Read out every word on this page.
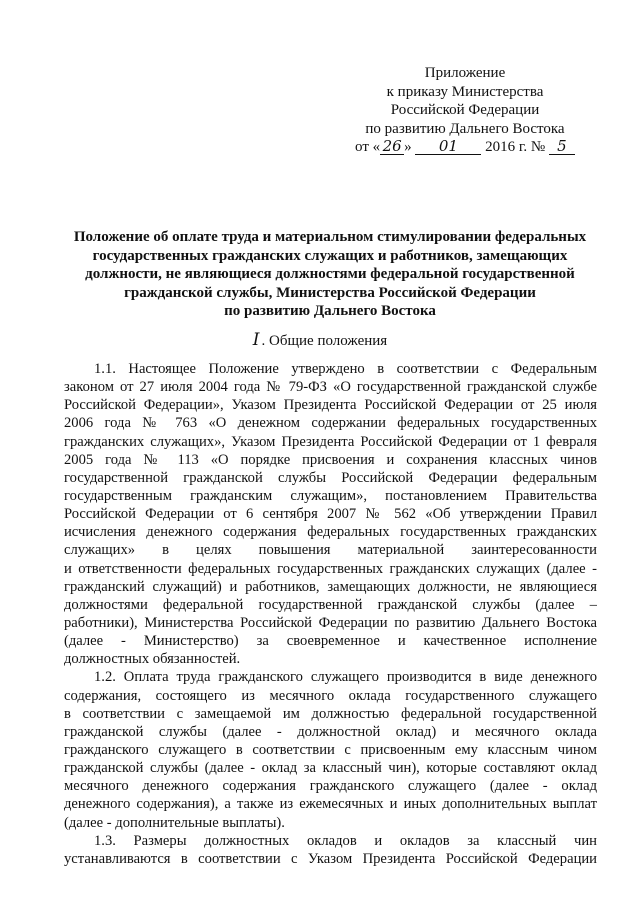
Приложение
к приказу Министерства
Российской Федерации
по развитию Дальнего Востока
от « 26 » 01 2016 г. № 5
Положение об оплате труда и материальном стимулировании федеральных
государственных гражданских служащих и работников, замещающих
должности, не являющиеся должностями федеральной государственной
гражданской службы, Министерства Российской Федерации
по развитию Дальнего Востока
I . Общие положения
1.1. Настоящее Положение утверждено в соответствии с Федеральным
законом от 27 июля 2004 года № 79-ФЗ «О государственной гражданской службе
Российской Федерации», Указом Президента Российской Федерации от 25 июля
2006 года № 763 «О денежном содержании федеральных государственных
гражданских служащих», Указом Президента Российской Федерации от 1 февраля
2005 года № 113 «О порядке присвоения и сохранения классных чинов
государственной гражданской службы Российской Федерации федеральным
государственным гражданским служащим», постановлением Правительства
Российской Федерации от 6 сентября 2007 № 562 «Об утверждении Правил
исчисления денежного содержания федеральных государственных гражданских
служащих» в целях повышения материальной заинтересованности
и ответственности федеральных государственных гражданских служащих (далее -
гражданский служащий) и работников, замещающих должности, не являющиеся
должностями федеральной государственной гражданской службы (далее –
работники), Министерства Российской Федерации по развитию Дальнего Востока
(далее - Министерство) за своевременное и качественное исполнение
должностных обязанностей.
1.2. Оплата труда гражданского служащего производится в виде денежного
содержания, состоящего из месячного оклада государственного служащего
в соответствии с замещаемой им должностью федеральной государственной
гражданской службы (далее - должностной оклад) и месячного оклада
гражданского служащего в соответствии с присвоенным ему классным чином
гражданской службы (далее - оклад за классный чин), которые составляют оклад
месячного денежного содержания гражданского служащего (далее - оклад
денежного содержания), а также из ежемесячных и иных дополнительных выплат
(далее - дополнительные выплаты).
1.3. Размеры должностных окладов и окладов за классный чин
устанавливаются в соответствии с Указом Президента Российской Федерации
